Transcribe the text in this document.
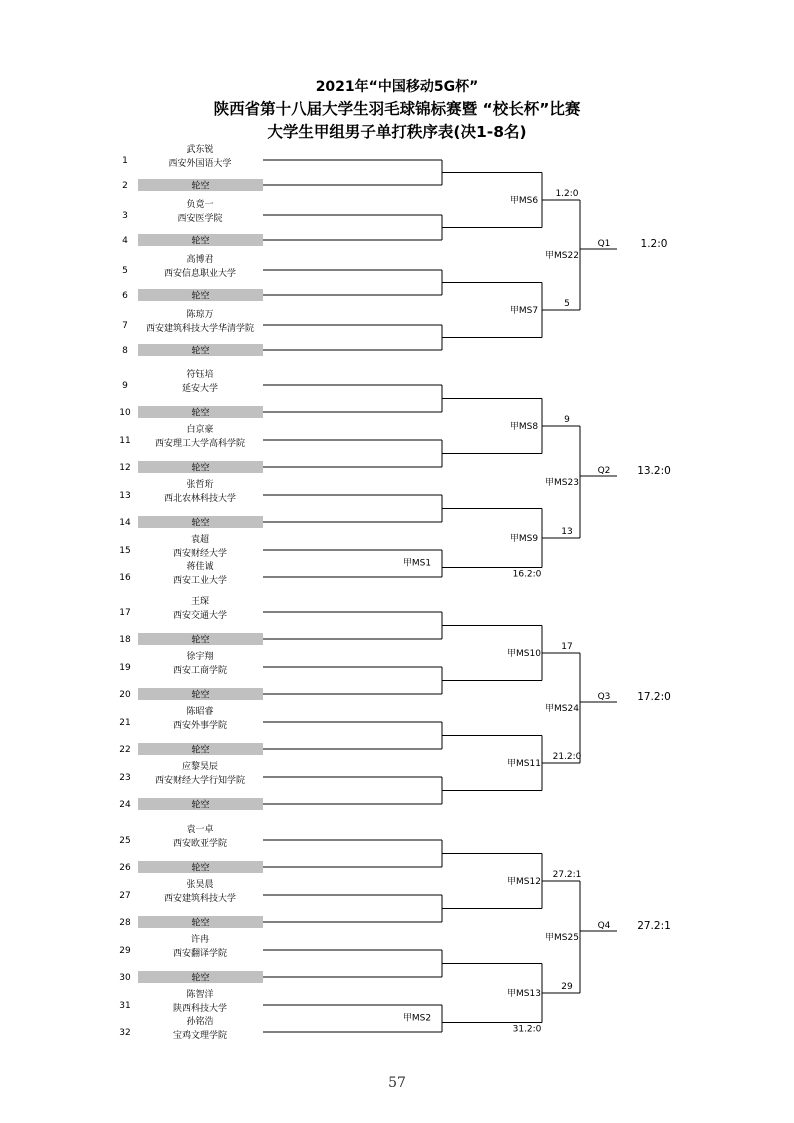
2021年“中国移动5G杯”
陕西省第十八届大学生羽毛球锦标赛暨 “校长杯”比赛
大学生甲组男子单打秩序表(决1-8名)
1
武东锐
西安外国语大学
2	轮空
3
负竟一
西安医学院
4	轮空
5
高博君
西安信息职业大学
6	轮空
7
陈琼万
西安建筑科技大学华清学院
8	轮空
9
符钰培
延安大学
10	轮空
11
白京豪
西安理工大学高科学院
12	轮空
13
张哲珩
西北农林科技大学
14	轮空
15
袁超
西安财经大学
16
蒋佳诚
西安工业大学
17
王琛
西安交通大学
18	轮空
19
徐宇翔
西安工商学院
20	轮空
21
陈昭睿
西安外事学院
22	轮空
23
应黎昊辰
西安财经大学行知学院
24	轮空
25
袁一卓
西安欧亚学院
26	轮空
27
张昊晨
西安建筑科技大学
28	轮空
29
许冉
西安翻译学院
30	轮空
31
陈智洋
陕西科技大学
32
孙铭浩
宝鸡文理学院
甲MS6
甲MS7
甲MS22
Q1	1.2:0
1.2:0
5
甲MS1
16.2:0
甲MS8
甲MS9
甲MS23
Q2	13.2:0
9
13
甲MS10
甲MS11
甲MS24
Q3	17.2:0
17
21.2:0
甲MS2
31.2:0
甲MS12
甲MS13
甲MS25
Q4	27.2:1
27.2:1
29
57
